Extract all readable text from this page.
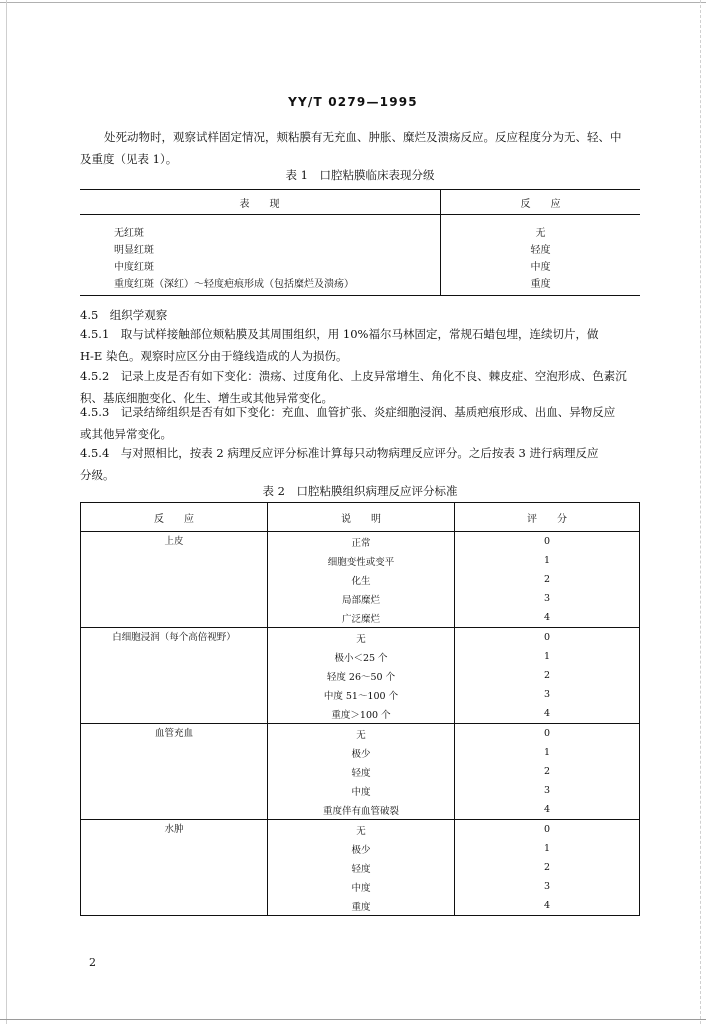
YY/T 0279—1995
处死动物时，观察试样固定情况，颊粘膜有无充血、肿胀、糜烂及溃疡反应。反应程度分为无、轻、中
及重度（见表 1）。
表 1　口腔粘膜临床表现分级
表　　现	反　　应

无红斑	无
明显红斑	轻度
中度红斑	中度
重度红斑（深红）～轻度疤痕形成（包括糜烂及溃疡）	重度
4.5　组织学观察
4.5.1　取与试样接触部位颊粘膜及其周围组织，用 10%福尔马林固定，常规石蜡包埋，连续切片，做
H-E 染色。观察时应区分由于缝线造成的人为损伤。
4.5.2　记录上皮是否有如下变化：溃疡、过度角化、上皮异常增生、角化不良、棘皮症、空泡形成、色素沉
积、基底细胞变化、化生、增生或其他异常变化。
4.5.3　记录结缔组织是否有如下变化：充血、血管扩张、炎症细胞浸润、基质疤痕形成、出血、异物反应
或其他异常变化。
4.5.4　与对照相比，按表 2 病理反应评分标准计算每只动物病理反应评分。之后按表 3 进行病理反应
分级。
表 2　口腔粘膜组织病理反应评分标准
反　　应	说　　明	评　　分
上皮	正常	0
	细胞变性或变平	1
	化生	2
	局部糜烂	3
	广泛糜烂	4
白细胞浸润（每个高倍视野）	无	0
	极小＜25 个	1
	轻度 26～50 个	2
	中度 51～100 个	3
	重度＞100 个	4
血管充血	无	0
	极少	1
	轻度	2
	中度	3
	重度伴有血管破裂	4
水肿	无	0
	极少	1
	轻度	2
	中度	3
	重度	4
2
